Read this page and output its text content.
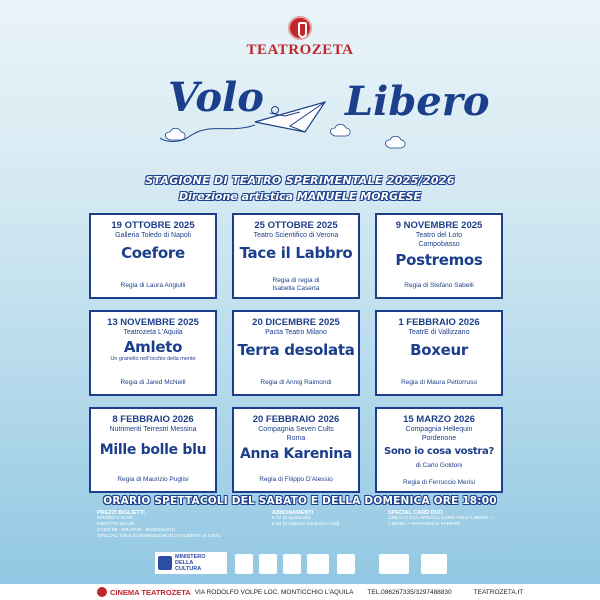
TEATROZETA
Volo Libero
STAGIONE DI TEATRO SPERIMENTALE 2025/2026
Direzione artistica MANUELE MORGESE
19 OTTOBRE 2025
Galleria Toledo di Napoli
Coefore
Regia di Laura Angiulli
25 OTTOBRE 2025
Teatro Scientifico di Verona
Tace il Labbro
Regia di regia di
Isabella Caserta
9 NOVEMBRE 2025
Teatro del Loto
Campobasso
Postremos
Regia di Stefano Sabelli
13 NOVEMBRE 2025
Teatrozeta L'Aquila
Amleto
Un granello nell'occhio della mente
Regia di Jared McNeill
20 DICEMBRE 2025
Pacta Teatro Milano
Terra desolata
Regia di Annig Raimondi
1 FEBBRAIO 2026
TeatrE di Vallizzano
Boxeur
Regia di Maura Pettorruso
8 FEBBRAIO 2026
Nutrimenti Terrestri Messina
Mille bolle blu
Regia di Maurizio Puglisi
20 FEBBRAIO 2026
Compagnia Seven Cults
Roma
Anna Karenina
Regia di Filippo D'Alessio
15 MARZO 2026
Compagnia Hellequin
Pordenone
Sono io cosa vostra?
di Carlo Goldoni
Regia di Ferruccio Merisi
ORARIO SPETTACOLI DEL SABATO E DELLA DOMENICA ORE 18:00
PREZZI BIGLIETTI
INTERO € 15,00
RIDOTTO €12,00
OVER 65 - MILITARI - INSEGNANTI
SPECIALI CRAL/CONVENZIONI €10 STUDENTI E CRAL
ABBONAMENTI
€ 72 (9 spettacoli)
€ 63 (9 ingressi Studenti e Cral)
SPECIAL CARD DUO
CREA LA TUA SPECIAL CARD VOLO LIBERO +
CINEMA + PAPAVERI E PAPERE
MINISTERO
DELLA
CULTURA
CINEMA TEATROZETA VIA RODOLFO VOLPE LOC. MONTICCHIO L'AQUILA TEL.086267335/3297488830	TEATROZETA.IT
